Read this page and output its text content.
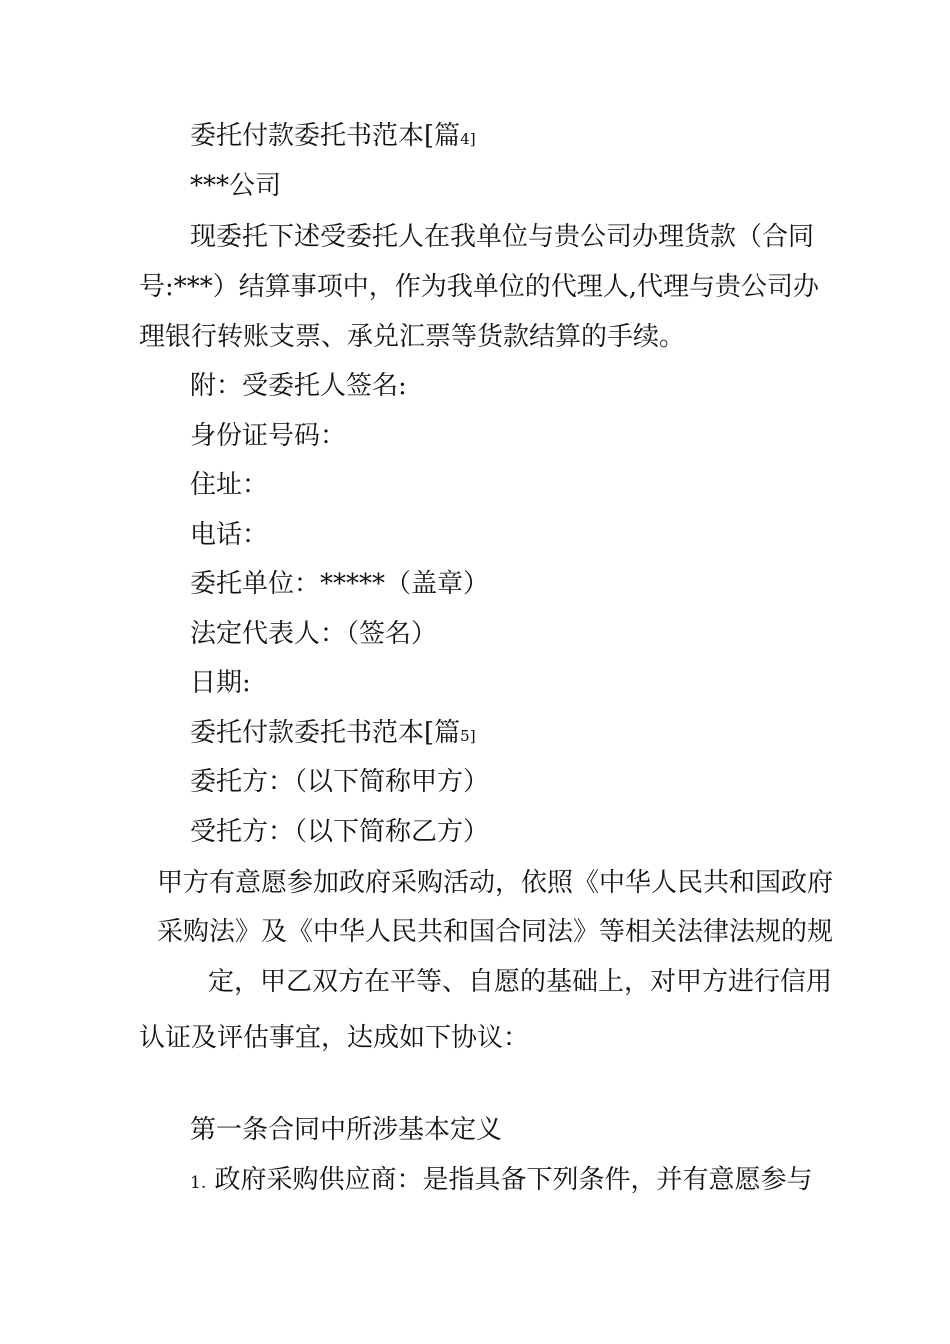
委托付款委托书范本[篇4]
***公司
现委托下述受委托人在我单位与贵公司办理货款（合同
号:***）结算事项中，作为我单位的代理人,代理与贵公司办
理银行转账支票、承兑汇票等货款结算的手续。
附：受委托人签名:
身份证号码：
住址：
电话：
委托单位：*****（盖章）
法定代表人：（签名）
日期:
委托付款委托书范本[篇5]
委托方：（以下简称甲方）
受托方：（以下简称乙方）
甲方有意愿参加政府采购活动，依照《中华人民共和国政府
采购法》及《中华人民共和国合同法》等相关法律法规的规
定，甲乙双方在平等、自愿的基础上，对甲方进行信用
认证及评估事宜，达成如下协议：
第一条合同中所涉基本定义
1. 政府采购供应商：是指具备下列条件，并有意愿参与
